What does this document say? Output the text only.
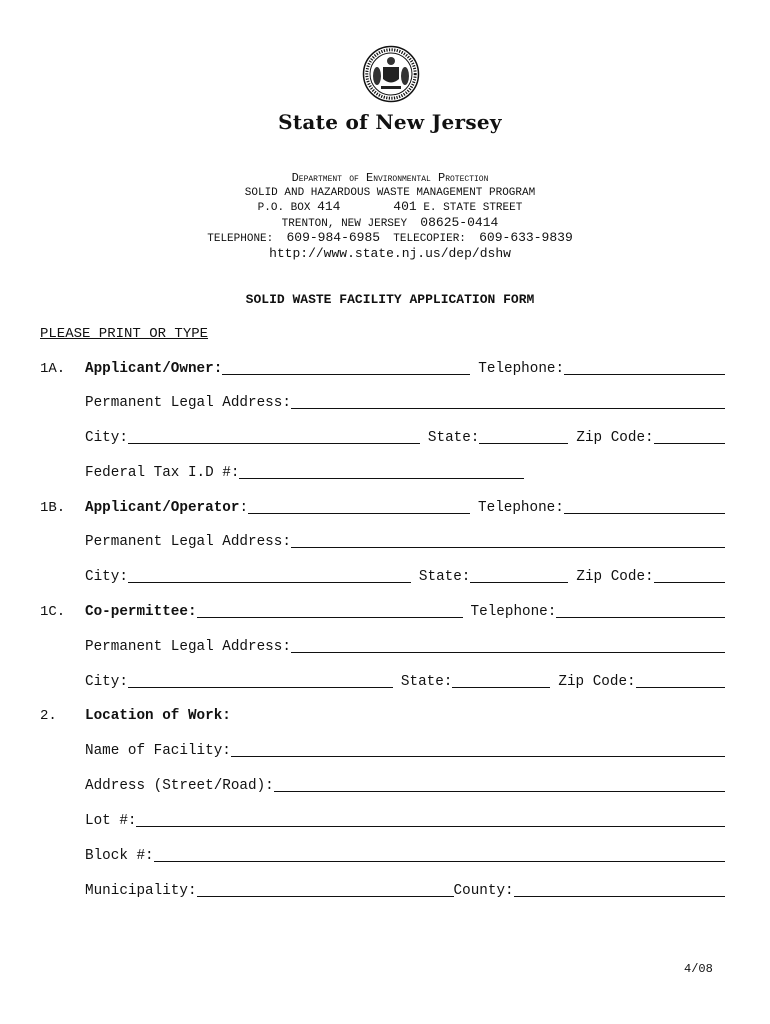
State of New Jersey
Department of Environmental Protection
SOLID AND HAZARDOUS WASTE MANAGEMENT PROGRAM
P.O. BOX 414	401 E. STATE STREET
TRENTON, NEW JERSEY 08625-0414
TELEPHONE: 609-984-6985 TELECOPIER: 609-633-9839
http://www.state.nj.us/dep/dshw
SOLID WASTE FACILITY APPLICATION FORM
PLEASE PRINT OR TYPE
1A. Applicant/Owner:	Telephone:
Permanent Legal Address:
City:	State:	Zip Code:
Federal Tax I.D #:
1B. Applicant/Operator :	Telephone:
Permanent Legal Address:
City:	State:	Zip Code:
1C. Co-permittee:	Telephone:
Permanent Legal Address:
City:	State:	Zip Code:
2. Location of Work:
Name of Facility:
Address (Street/Road):
Lot #:
Block #:
Municipality:	County:
4/08
